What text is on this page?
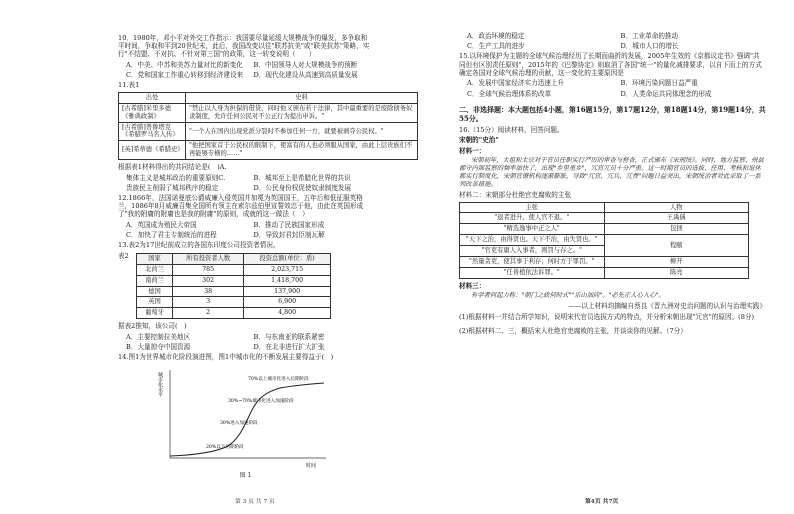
10．1980年，邓小平对外交工作指示：我国要尽量延缓大规模战争的爆发，多争取和平时间，争取和平到20世纪末，此后，我国改变以往"联苏抗美"或"联美抗苏"策略，实行"不结盟、不对抗、不针对第三国"的政策，这一转变说明（　　）

A．中美、中苏和美苏力量对比的新变化	B．中国领导人对大规模战争的预断
C．党和国家工作重心转移到经济建设来	D．现代化建设从高速到高质量发展

11.表1

出处	史料
[古希腊]米里多德《雅典政制》	"禁止以人身为担保的借贷，同时他又颁布若干法律，其中最重要的是废除债务奴隶制度，允许任何公民对不公正行为提出申诉。"
[古希腊]普鲁塔克《希腊罗马名人传》	"一个人在国内出现党派分裂时不参加任何一方，就要被剥夺公民权。"
[英]希蒂德《希腊史》	"他把国家首于公民权的限制下，使富有的人也必须服从国家，由此上层贵族们不再能够专横的……"

根据表1材料得出的共同结论是(　)A.

集体主义是城邦政治的重要原则C.	B．城邦至上是希腊化世界的共识
贵族民主削弱了城邦秩序的稳定	D．公民身份权促使奴隶制度发展

12.1866年，法国诺曼底公爵威廉入侵英国并加冕为英国国王，五年后和低征服英格兰，1086年8月威廉召集全国所有领主在索尔兹伯里宣誓效忠于他，由此在英国形成了"我的附庸的附庸也是我的附庸"的原则，成就的这一做法（　）

A．英国成为殖民大帝国	B．推动了民族国家形成
C．加快了君主专制统治的进程	D．导致封君封臣制瓦解

13.表2为17世纪前成立的各国东印度公司投资者情况。

表2	国家	所有投资者人数	投资总额(单位：盾)
北荷兰	785	2,023,715
南荷兰	302	1,418,700
德国	38	137,900
英国	3	6,900
葡萄牙	2	4,800

据表2推知，该公司(　)

A．主要控制拉美地区	B．与东南亚的联系紧密
B．大量掠夺中国资源	D．在北非进行扩大扩张

14.图1为世界城市化阶段演进图，图1中城市化的不断发展主要得益于(　)

城市化水平
时间
70%以上城市化进入后期阶段
30%~70%城市化进入加速阶段
30%进入加速阶段
20%以下初期阶段
图 1
第 3 页 共 7 页
A．政治环境的稳定	B．工业革命的推动
C．生产工具的进步	D．城市人口的增长

15.以环境保护为主题的全球气候治理经历了长期而曲折的发展，2005年生效的《京都议定书》强调"共同但有区别责任原则"，2015年的《巴黎协定》则取消了各国"统一"的量化减排要求，以自下而上的方式确定各国对全球气候治理的贡献，这一变化的主要原因是

A．发展中国家经济实力迅速上升	B．环境污染问题日益严重
C．全球气候治理体系的改革	D．人类命运共同体理念的形成

二、非选择题：本大题包括4小题，第16题15分，第17题12分，第18题14分，第19题14分，共55分。

16.（15分）阅读材料，回答问题。

宋朝的"史治"

材料一：

宋朝初年，太祖和太宗对于官员任职实行严厉的审查与督查，正式颁布《宋刑统》。同时，地方监察、州县郡守内部监察的频率加快了，出现"乡里重乡"，冗官冗员十分严重。这一时期官员的选拔、任用、考核和退休都实行制度化，宋朝官僚机构逐渐膨胀，导致"冗官、冗兵、冗费"问题日益突出，宋朝统治者对此采取了一系列改革措施。

材料二：宋朝部分杜绝官吏腐败的主张

主张	人物
"退者进升，使人官不退。"	王禹偁
"精选逸事中正之人"	包拯
"天下之治，由得贤也。天下不治，由失贤也。"	程颐
"官吏有庸人入事者，则罚与存之。"	
"然量贪吏，使其事于利存；何时方于罪罚。"	柳开
"任皆植依法诉罪。"	陈亮

材料三：

有学者何起力称："朝门之政何时式""乐山加尚"。"必先正人心入心"。

——以上材料均摘编自蔡良《晋九洲对史治问题的认识与治理实践》

(1)根据材料一并结合所学知识，说明宋代官员选拔方式的特点，并分析宋朝出现"冗官"的原因。(8分)

(2)根据材料二、三，概括宋人杜绝官吏腐败的主张，并谈谈你的见解。（7分）

第4页 共7页
